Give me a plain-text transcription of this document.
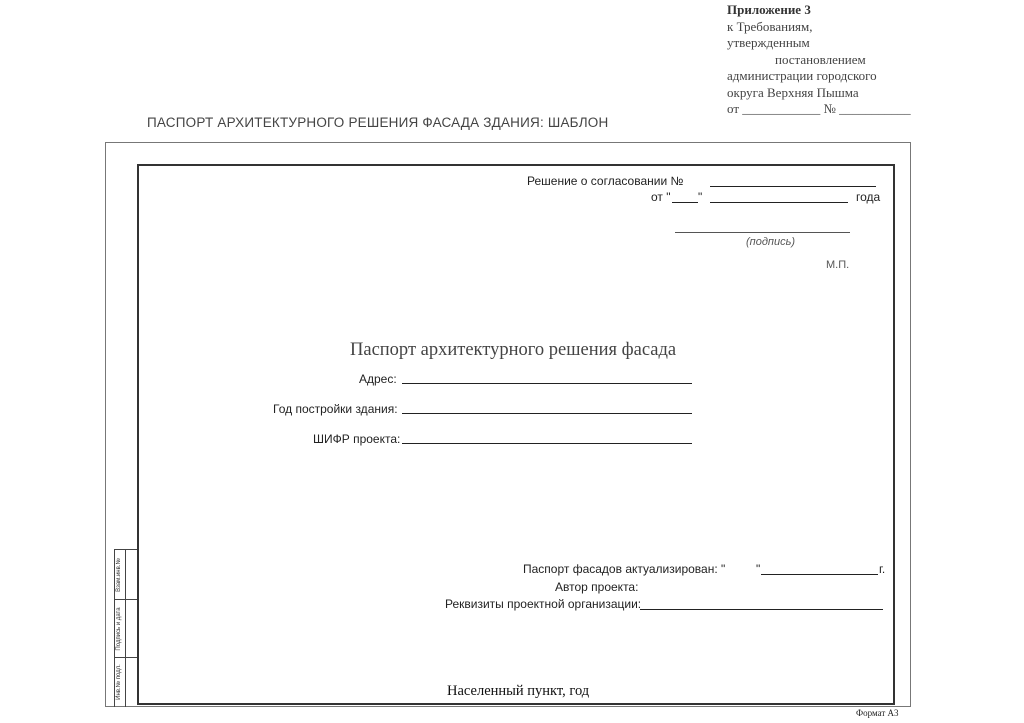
Приложение 3
к Требованиям,
утвержденным
постановлением
администрации городского
округа Верхняя Пышма
от ____________ № ___________
ПАСПОРТ АРХИТЕКТУРНОГО РЕШЕНИЯ ФАСАДА ЗДАНИЯ: ШАБЛОН
Взам.инв.№
Подпись и дата
Инв.№ подл.
Решение о согласовании №
от " "	года
(подпись)
М.П.
Паспорт архитектурного решения фасада
Адрес:
Год постройки здания:
ШИФР проекта:
Паспорт фасадов актуализирован: "	"	г.
Автор проекта:
Реквизиты проектной организации:
Населенный пункт, год
Формат А3
